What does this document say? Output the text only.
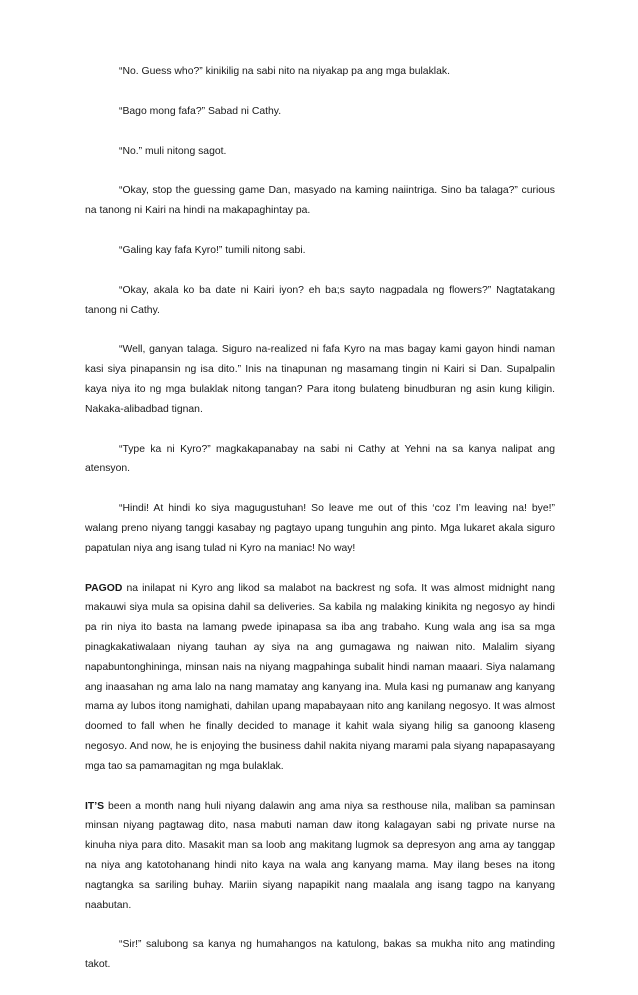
“No. Guess who?” kinikilig na sabi nito na niyakap pa ang mga bulaklak.

“Bago mong fafa?” Sabad ni Cathy.

“No.” muli nitong sagot.

“Okay, stop the guessing game Dan, masyado na kaming naiintriga. Sino ba talaga?” curious na tanong ni Kairi na hindi na makapaghintay pa.

“Galing kay fafa Kyro!” tumili nitong sabi.

“Okay, akala ko ba date ni Kairi iyon? eh ba;s sayto nagpadala ng flowers?” Nagtatakang tanong ni Cathy.

“Well, ganyan talaga. Siguro na-realized ni fafa Kyro na mas bagay kami gayon hindi naman kasi siya pinapansin ng isa dito.” Inis na tinapunan ng masamang tingin ni Kairi si Dan. Supalpalin kaya niya ito ng mga bulaklak nitong tangan? Para itong bulateng binudburan ng asin kung kiligin. Nakaka-alibadbad tignan.

“Type ka ni Kyro?” magkakapanabay na sabi ni Cathy at Yehni na sa kanya nalipat ang atensyon.

“Hindi! At hindi ko siya magugustuhan! So leave me out of this ‘coz I’m leaving na! bye!” walang preno niyang tanggi kasabay ng pagtayo upang tunguhin ang pinto. Mga lukaret akala siguro papatulan niya ang isang tulad ni Kyro na maniac! No way!

PAGOD na inilapat ni Kyro ang likod sa malabot na backrest ng sofa. It was almost midnight nang makauwi siya mula sa opisina dahil sa deliveries. Sa kabila ng malaking kinikita ng negosyo ay hindi pa rin niya ito basta na lamang pwede ipinapasa sa iba ang trabaho. Kung wala ang isa sa mga pinagkakatiwalaan niyang tauhan ay siya na ang gumagawa ng naiwan nito. Malalim siyang napabuntonghininga, minsan nais na niyang magpahinga subalit hindi naman maaari. Siya nalamang ang inaasahan ng ama lalo na nang mamatay ang kanyang ina. Mula kasi ng pumanaw ang kanyang mama ay lubos itong namighati, dahilan upang mapabayaan nito ang kanilang negosyo. It was almost doomed to fall when he finally decided to manage it kahit wala siyang hilig sa ganoong klaseng negosyo. And now, he is enjoying the business dahil nakita niyang marami pala siyang napapasayang mga tao sa pamamagitan ng mga bulaklak.

IT’S been a month nang huli niyang dalawin ang ama niya sa resthouse nila, maliban sa paminsan minsan niyang pagtawag dito, nasa mabuti naman daw itong kalagayan sabi ng private nurse na kinuha niya para dito. Masakit man sa loob ang makitang lugmok sa depresyon ang ama ay tanggap na niya ang katotohanang hindi nito kaya na wala ang kanyang mama. May ilang beses na itong nagtangka sa sariling buhay. Mariin siyang napapikit nang maalala ang isang tagpo na kanyang naabutan.

“Sir!” salubong sa kanya ng humahangos na katulong, bakas sa mukha nito ang matinding takot.
